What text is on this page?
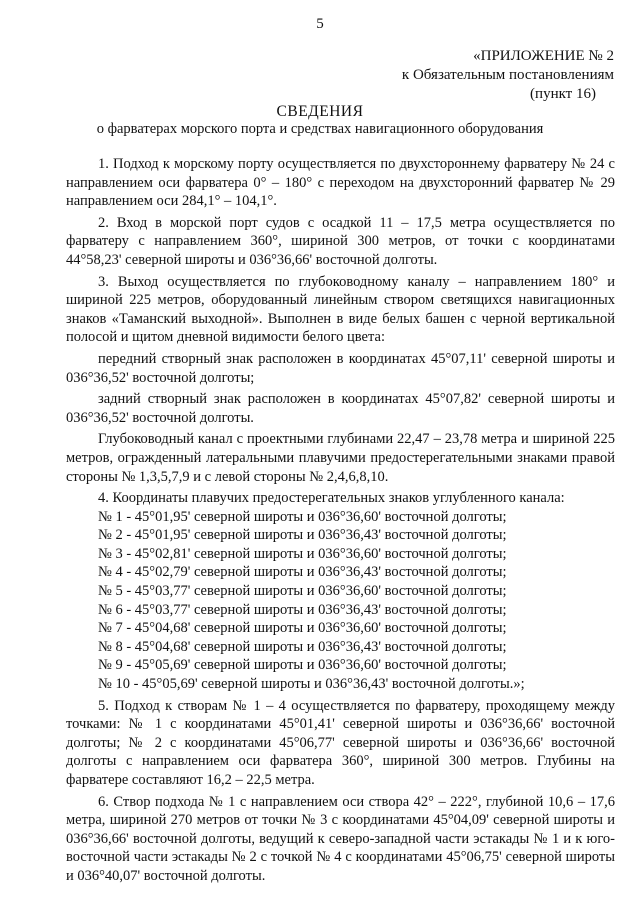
5
«ПРИЛОЖЕНИЕ № 2
к Обязательным постановлениям
(пункт 16)
СВЕДЕНИЯ
о фарватерах морского порта и средствах навигационного оборудования

1. Подход к морскому порту осуществляется по двухстороннему фарватеру № 24 с направлением оси фарватера 0° – 180° с переходом на двухсторонний фарватер № 29 направлением оси 284,1° – 104,1°.

2. Вход в морской порт судов с осадкой 11 – 17,5 метра осуществляется по фарватеру с направлением 360°, шириной 300 метров, от точки с координатами 44°58,23' северной широты и 036°36,66' восточной долготы.

3. Выход осуществляется по глубоководному каналу – направлением 180° и шириной 225 метров, оборудованный линейным створом светящихся навигационных знаков «Таманский выходной». Выполнен в виде белых башен с черной вертикальной полосой и щитом дневной видимости белого цвета:

передний створный знак расположен в координатах 45°07,11' северной широты и 036°36,52' восточной долготы;

задний створный знак расположен в координатах 45°07,82' северной широты и 036°36,52' восточной долготы.

Глубоководный канал с проектными глубинами 22,47 – 23,78 метра и шириной 225 метров, огражденный латеральными плавучими предостерегательными знаками правой стороны № 1,3,5,7,9 и с левой стороны № 2,4,6,8,10.

4. Координаты плавучих предостерегательных знаков углубленного канала:

№ 1 - 45°01,95' северной широты и 036°36,60' восточной долготы;
№ 2 - 45°01,95' северной широты и 036°36,43' восточной долготы;
№ 3 - 45°02,81' северной широты и 036°36,60' восточной долготы;
№ 4 - 45°02,79' северной широты и 036°36,43' восточной долготы;
№ 5 - 45°03,77' северной широты и 036°36,60' восточной долготы;
№ 6 - 45°03,77' северной широты и 036°36,43' восточной долготы;
№ 7 - 45°04,68' северной широты и 036°36,60' восточной долготы;
№ 8 - 45°04,68' северной широты и 036°36,43' восточной долготы;
№ 9 - 45°05,69' северной широты и 036°36,60' восточной долготы;
№ 10 - 45°05,69' северной широты и 036°36,43' восточной долготы.»;

5. Подход к створам № 1 – 4 осуществляется по фарватеру, проходящему между точками: № 1 с координатами 45°01,41' северной широты и 036°36,66' восточной долготы; № 2 с координатами 45°06,77' северной широты и 036°36,66' восточной долготы с направлением оси фарватера 360°, шириной 300 метров. Глубины на фарватере составляют 16,2 – 22,5 метра.

6. Створ подхода № 1 с направлением оси створа 42° – 222°, глубиной 10,6 – 17,6 метра, шириной 270 метров от точки № 3 с координатами 45°04,09' северной широты и 036°36,66' восточной долготы, ведущий к северо-западной части эстакады № 1 и к юго-восточной части эстакады № 2 с точкой № 4 с координатами 45°06,75' северной широты и 036°40,07' восточной долготы.
